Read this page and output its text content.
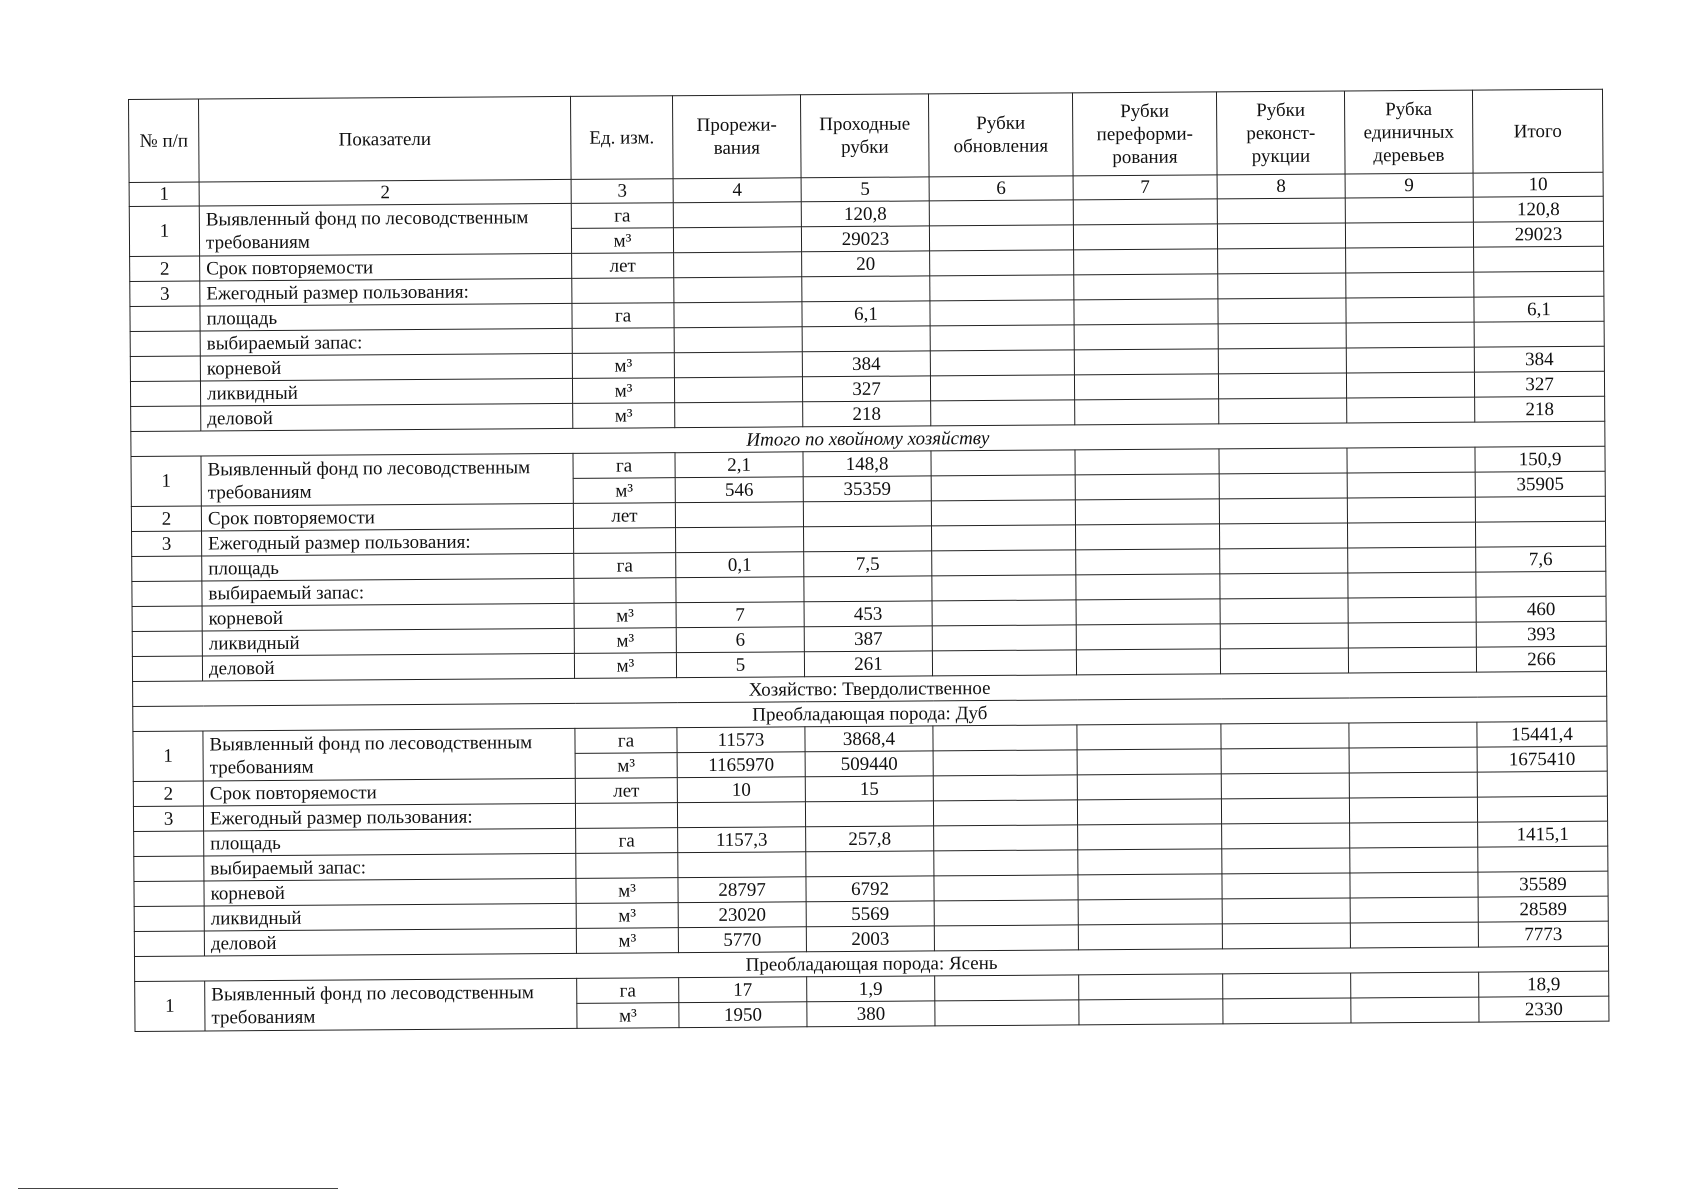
№ п/п	Показатели	Ед. изм.	Прорежи-вания	Проходные рубки	Рубки обновления	Рубки переформи-рования	Рубки реконст-рукции	Рубка единичных деревьев	Итого
1	2	3	4	5	6	7	8	9	10
1	Выявленный фонд по лесоводственным требованиям	га		120,8					120,8
		м³		29023					29023
2	Срок повторяемости	лет		20					
3	Ежегодный размер пользования:								
	площадь	га		6,1					6,1
	выбираемый запас:								
	корневой	м³		384					384
	ликвидный	м³		327					327
	деловой	м³		218					218
Итого по хвойному хозяйству									
1	Выявленный фонд по лесоводственным требованиям	га	2,1	148,8					150,9
		м³	546	35359					35905
2	Срок повторяемости	лет							
3	Ежегодный размер пользования:								
	площадь	га	0,1	7,5					7,6
	выбираемый запас:								
	корневой	м³	7	453					460
	ликвидный	м³	6	387					393
	деловой	м³	5	261					266
Хозяйство: Твердолиственное									
Преобладающая порода: Дуб									
1	Выявленный фонд по лесоводственным требованиям	га	11573	3868,4					15441,4
		м³	1165970	509440					1675410
2	Срок повторяемости	лет	10	15					
3	Ежегодный размер пользования:								
	площадь	га	1157,3	257,8					1415,1
	выбираемый запас:								
	корневой	м³	28797	6792					35589
	ликвидный	м³	23020	5569					28589
	деловой	м³	5770	2003					7773
Преобладающая порода: Ясень									
1	Выявленный фонд по лесоводственным требованиям	га	17	1,9					18,9
		м³	1950	380					2330
